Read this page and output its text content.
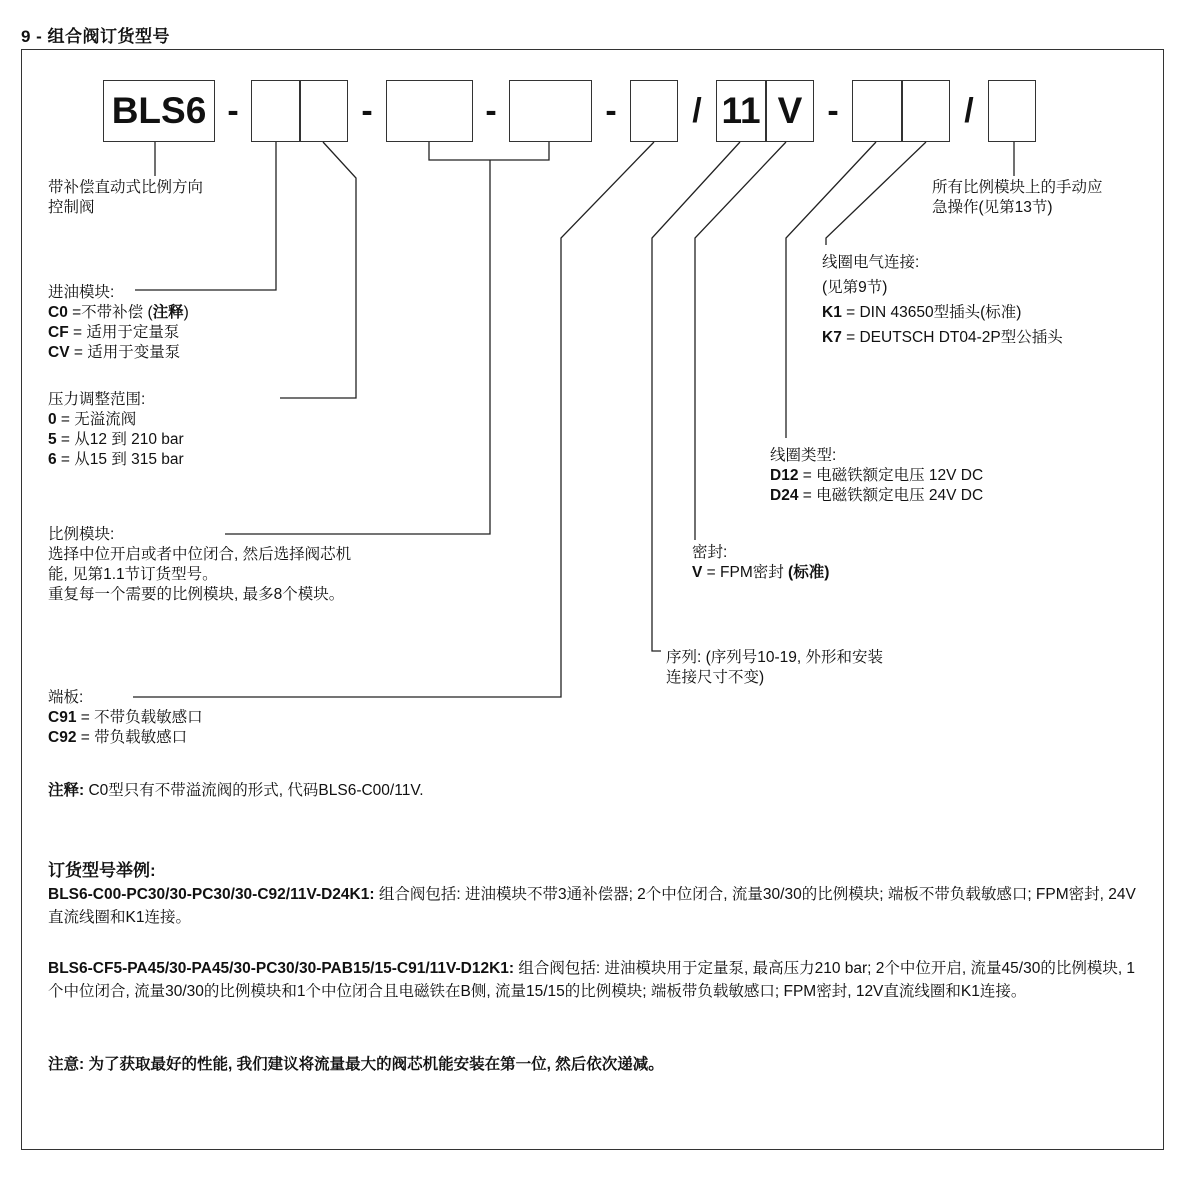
9 - 组合阀订货型号
BLS6 -	-	-	-	/ 11 V -	/
带补偿直动式比例方向
控制阀
进油模块:
C0 =不带补偿 (注释)
CF = 适用于定量泵
CV = 适用于变量泵
压力调整范围:
0 = 无溢流阀
5 = 从12 到 210 bar
6 = 从15 到 315 bar
比例模块:
选择中位开启或者中位闭合, 然后选择阀芯机
能, 见第1.1节订货型号。
重复每一个需要的比例模块, 最多8个模块。
端板:
C91 = 不带负载敏感口
C92 = 带负载敏感口
序列: (序列号10-19, 外形和安装
连接尺寸不变)
密封:
V = FPM密封 (标准)
线圈类型:
D12 = 电磁铁额定电压 12V DC
D24 = 电磁铁额定电压 24V DC
线圈电气连接:
(见第9节)
K1 = DIN 43650型插头(标准)
K7 = DEUTSCH DT04-2P型公插头
所有比例模块上的手动应
急操作(见第13节)
注释: C0型只有不带溢流阀的形式, 代码BLS6-C00/11V.
订货型号举例:
BLS6-C00-PC30/30-PC30/30-C92/11V-D24K1: 组合阀包括: 进油模块不带3通补偿器; 2个中位闭合, 流量30/30的比例模块; 端板不带负载敏感口; FPM密封, 24V 直流线圈和K1连接。
BLS6-CF5-PA45/30-PA45/30-PC30/30-PAB15/15-C91/11V-D12K1: 组合阀包括: 进油模块用于定量泵, 最高压力210 bar; 2个中位开启, 流量45/30的比例模块, 1个中位闭合, 流量30/30的比例模块和1个中位闭合且电磁铁在B侧, 流量15/15的比例模块; 端板带负载敏感口; FPM密封, 12V直流线圈和K1连接。
注意: 为了获取最好的性能, 我们建议将流量最大的阀芯机能安装在第一位, 然后依次递减。
